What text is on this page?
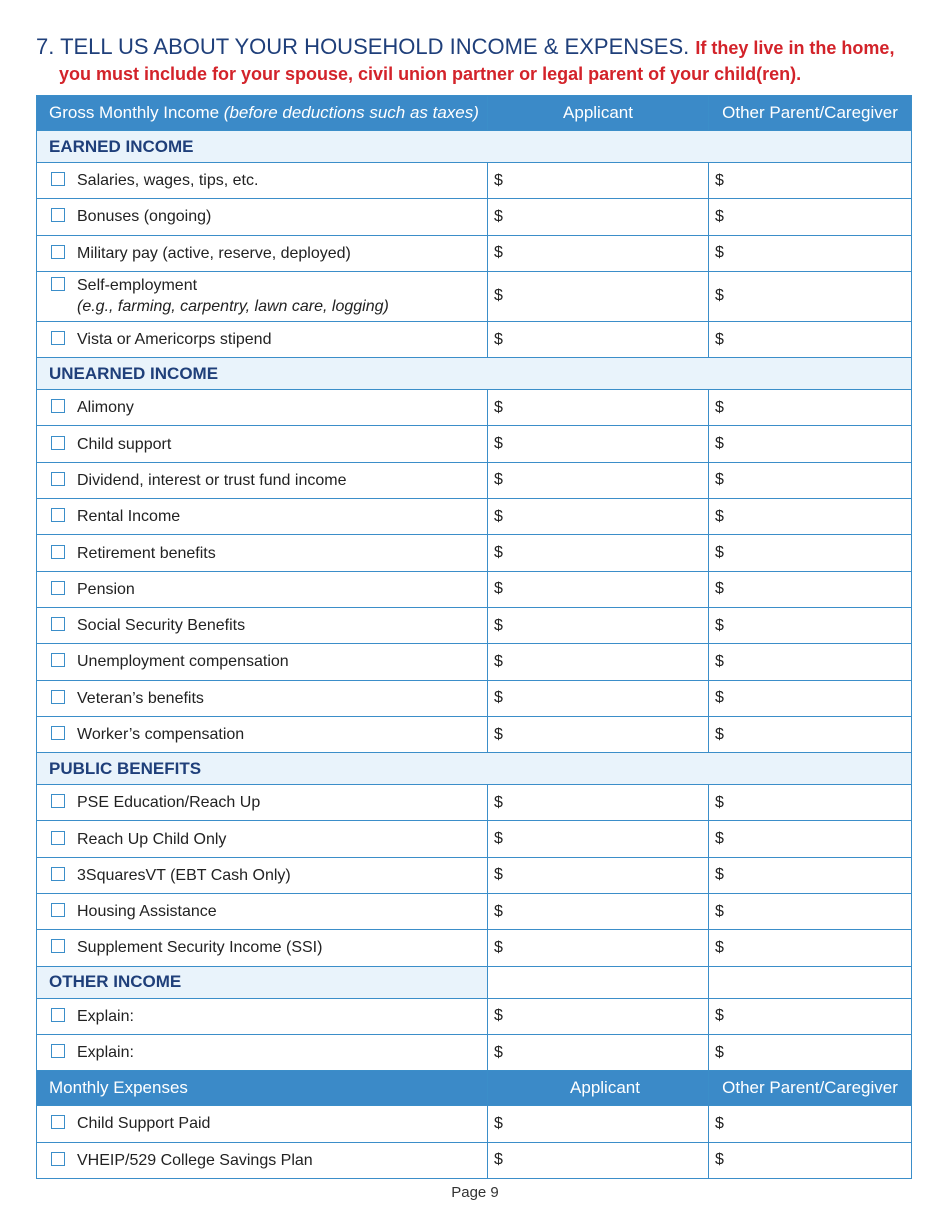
7. TELL US ABOUT YOUR HOUSEHOLD INCOME & EXPENSES. If they live in the home,
you must include for your spouse, civil union partner or legal parent of your child(ren).
Gross Monthly Income (before deductions such as taxes)	Applicant	Other Parent/Caregiver
EARNED INCOME		

Salaries, wages, tips, etc.	$	$

Bonuses (ongoing)	$	$

Military pay (active, reserve, deployed)	$	$

Self-employment
(e.g., farming, carpentry, lawn care, logging)	$	$

Vista or Americorps stipend	$	$
UNEARNED INCOME		

Alimony	$	$

Child support	$	$

Dividend, interest or trust fund income	$	$

Rental Income	$	$

Retirement benefits	$	$

Pension	$	$

Social Security Benefits	$	$

Unemployment compensation	$	$

Veteran’s benefits	$	$

Worker’s compensation	$	$
PUBLIC BENEFITS		

PSE Education/Reach Up	$	$

Reach Up Child Only	$	$

3SquaresVT (EBT Cash Only)	$	$

Housing Assistance	$	$

Supplement Security Income (SSI)	$	$
OTHER INCOME		

Explain:	$	$

Explain:	$	$
Monthly Expenses	Applicant	Other Parent/Caregiver

Child Support Paid	$	$

VHEIP/529 College Savings Plan	$	$
Page 9
